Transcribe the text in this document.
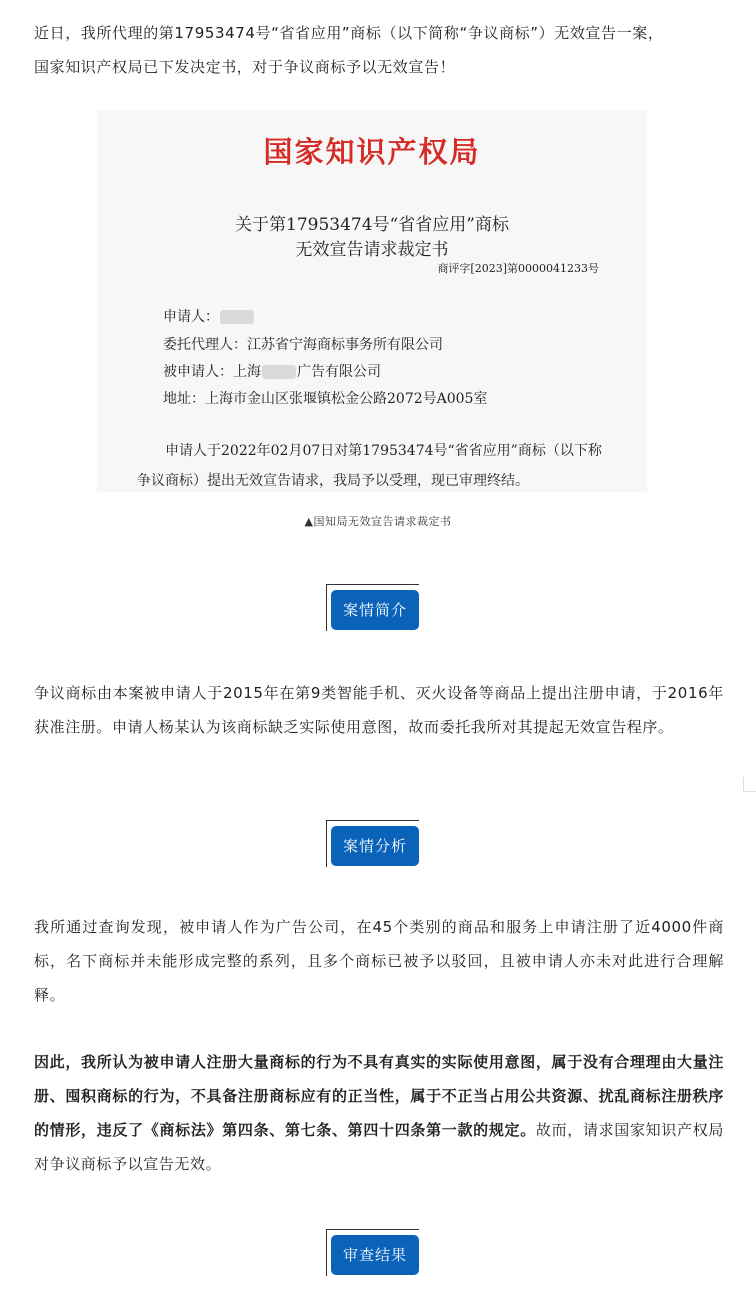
近日，我所代理的第17953474号“省省应用”商标（以下简称“争议商标”）无效宣告一案，

国家知识产权局已下发决定书，对于争议商标予以无效宣告！

国家知识产权局
关于第17953474号“省省应用”商标
无效宣告请求裁定书
商评字[2023]第0000041233号
申请人：
委托代理人：江苏省宁海商标事务所有限公司
被申请人：上海	广告有限公司
地址：上海市金山区张堰镇松金公路2072号A005室
申请人于2022年02月07日对第17953474号“省省应用”商标（以下称争议商标）提出无效宣告请求，我局予以受理，现已审理终结。
▲国知局无效宣告请求裁定书
案情简介

争议商标由本案被申请人于2015年在第9类智能手机、灭火设备等商品上提出注册申请，于2016年获准注册。申请人杨某认为该商标缺乏实际使用意图，故而委托我所对其提起无效宣告程序。

案情分析

我所通过查询发现，被申请人作为广告公司，在45个类别的商品和服务上申请注册了近4000件商标，名下商标并未能形成完整的系列，且多个商标已被予以驳回，且被申请人亦未对此进行合理解释。

因此，我所认为被申请人注册大量商标的行为不具有真实的实际使用意图，属于没有合理理由大量注册、囤积商标的行为，不具备注册商标应有的正当性，属于不正当占用公共资源、扰乱商标注册秩序的情形，违反了《商标法》第四条、第七条、第四十四条第一款的规定。故而，请求国家知识产权局对争议商标予以宣告无效。

审查结果
